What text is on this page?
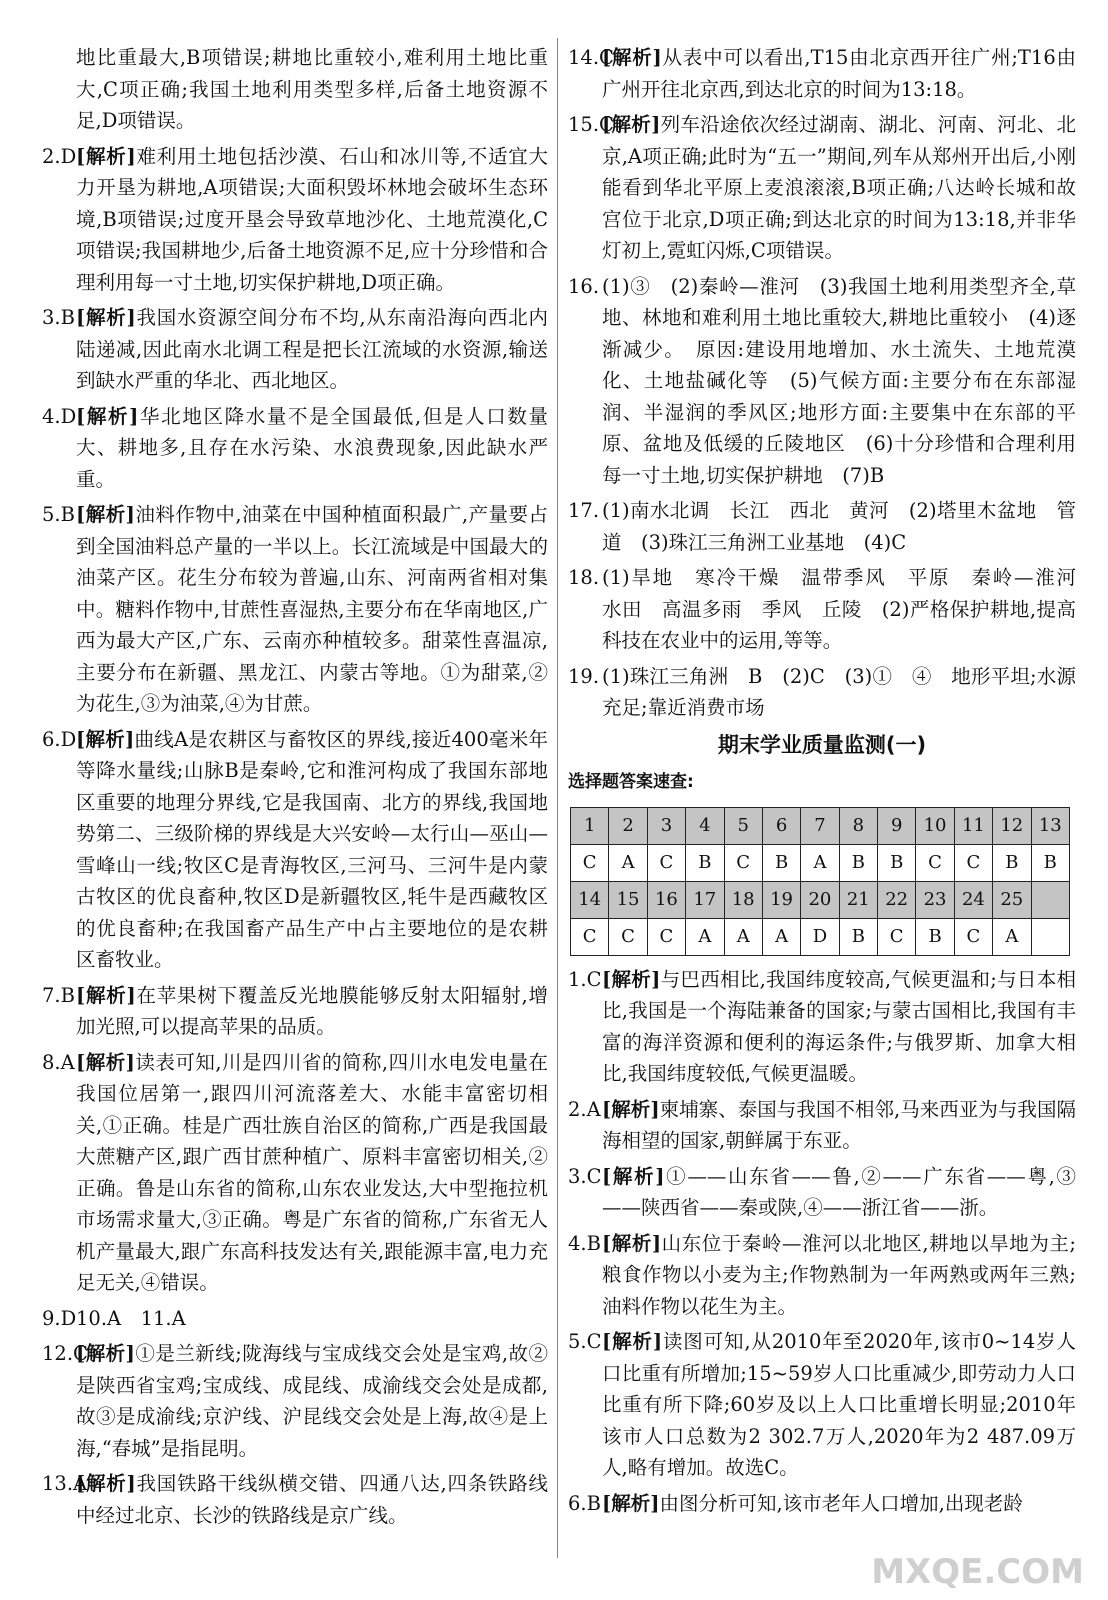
地比重最大,B项错误;耕地比重较小,难利用土地比重大,C项正确;我国土地利用类型多样,后备土地资源不足,D项错误。
2.D [解析]难利用土地包括沙漠、石山和冰川等,不适宜大力开垦为耕地,A项错误;大面积毁坏林地会破坏生态环境,B项错误;过度开垦会导致草地沙化、土地荒漠化,C项错误;我国耕地少,后备土地资源不足,应十分珍惜和合理利用每一寸土地,切实保护耕地,D项正确。
3.B [解析]我国水资源空间分布不均,从东南沿海向西北内陆递减,因此南水北调工程是把长江流域的水资源,输送到缺水严重的华北、西北地区。
4.D [解析]华北地区降水量不是全国最低,但是人口数量大、耕地多,且存在水污染、水浪费现象,因此缺水严重。
5.B [解析]油料作物中,油菜在中国种植面积最广,产量要占到全国油料总产量的一半以上。长江流域是中国最大的油菜产区。花生分布较为普遍,山东、河南两省相对集中。糖料作物中,甘蔗性喜湿热,主要分布在华南地区,广西为最大产区,广东、云南亦种植较多。甜菜性喜温凉,主要分布在新疆、黑龙江、内蒙古等地。①为甜菜,②为花生,③为油菜,④为甘蔗。
6.D [解析]曲线A是农耕区与畜牧区的界线,接近400毫米年等降水量线;山脉B是秦岭,它和淮河构成了我国东部地区重要的地理分界线,它是我国南、北方的界线,我国地势第二、三级阶梯的界线是大兴安岭—太行山—巫山—雪峰山一线;牧区C是青海牧区,三河马、三河牛是内蒙古牧区的优良畜种,牧区D是新疆牧区,牦牛是西藏牧区的优良畜种;在我国畜产品生产中占主要地位的是农耕区畜牧业。
7.B [解析]在苹果树下覆盖反光地膜能够反射太阳辐射,增加光照,可以提高苹果的品质。
8.A [解析]读表可知,川是四川省的简称,四川水电发电量在我国位居第一,跟四川河流落差大、水能丰富密切相关,①正确。桂是广西壮族自治区的简称,广西是我国最大蔗糖产区,跟广西甘蔗种植广、原料丰富密切相关,②正确。鲁是山东省的简称,山东农业发达,大中型拖拉机市场需求量大,③正确。粤是广东省的简称,广东省无人机产量最大,跟广东高科技发达有关,跟能源丰富,电力充足无关,④错误。
9.D 10.A　11.A
12.C
[解析]①是兰新线;陇海线与宝成线交会处是宝鸡,故②是陕西省宝鸡;宝成线、成昆线、成渝线交会处是成都,故③是成渝线;京沪线、沪昆线交会处是上海,故④是上海,“春城”是指昆明。
13.A
[解析]我国铁路干线纵横交错、四通八达,四条铁路线中经过北京、长沙的铁路线是京广线。
14.C
[解析]从表中可以看出,T15由北京西开往广州;T16由广州开往北京西,到达北京的时间为13:18。
15.C
[解析]列车沿途依次经过湖南、湖北、河南、河北、北京,A项正确;此时为“五一”期间,列车从郑州开出后,小刚能看到华北平原上麦浪滚滚,B项正确;八达岭长城和故宫位于北京,D项正确;到达北京的时间为13:18,并非华灯初上,霓虹闪烁,C项错误。
16. (1)③　(2)秦岭—淮河　(3)我国土地利用类型齐全,草地、林地和难利用土地比重较大,耕地比重较小　(4)逐渐减少。　原因:建设用地增加、水土流失、土地荒漠化、土地盐碱化等　(5)气候方面:主要分布在东部湿润、半湿润的季风区;地形方面:主要集中在东部的平原、盆地及低缓的丘陵地区　(6)十分珍惜和合理利用每一寸土地,切实保护耕地　(7)B
17. (1)南水北调　长江　西北　黄河　(2)塔里木盆地　管道　(3)珠江三角洲工业基地　(4)C
18. (1)旱地　寒冷干燥　温带季风　平原　秦岭—淮河　水田　高温多雨　季风　丘陵　(2)严格保护耕地,提高科技在农业中的运用,等等。
19. (1)珠江三角洲　B　(2)C　(3)①　④　地形平坦;水源充足;靠近消费市场
期末学业质量监测(一)
选择题答案速查:
1	2	3	4	5	6	7	8	9	10	11	12	13
C	A	C	B	C	B	A	B	B	C	C	B	B
14	15	16	17	18	19	20	21	22	23	24	25	
C	C	C	A	A	A	D	B	C	B	C	A	
1.C [解析]与巴西相比,我国纬度较高,气候更温和;与日本相比,我国是一个海陆兼备的国家;与蒙古国相比,我国有丰富的海洋资源和便利的海运条件;与俄罗斯、加拿大相比,我国纬度较低,气候更温暖。
2.A [解析]柬埔寨、泰国与我国不相邻,马来西亚为与我国隔海相望的国家,朝鲜属于东亚。
3.C [解析]①——山东省——鲁,②——广东省——粤,③——陕西省——秦或陕,④——浙江省——浙。
4.B [解析]山东位于秦岭—淮河以北地区,耕地以旱地为主;粮食作物以小麦为主;作物熟制为一年两熟或两年三熟;油料作物以花生为主。
5.C [解析]读图可知,从2010年至2020年,该市0~14岁人口比重有所增加;15~59岁人口比重减少,即劳动力人口比重有所下降;60岁及以上人口比重增长明显;2010年该市人口总数为2 302.7万人,2020年为2 487.09万人,略有增加。故选C。
6.B [解析]由图分析可知,该市老年人口增加,出现老龄
MXQE.COM
